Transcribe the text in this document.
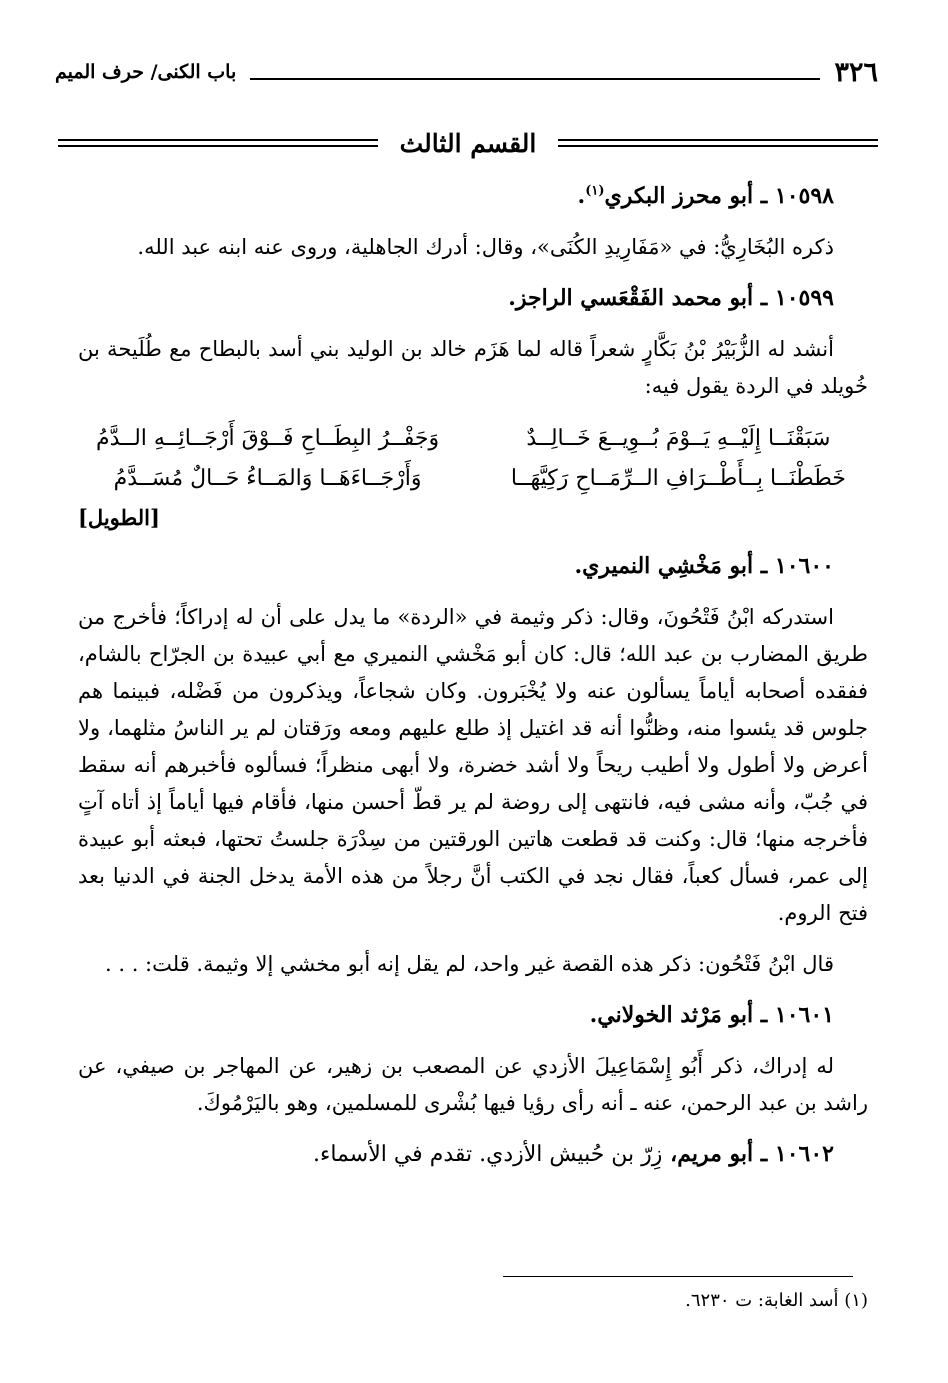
٣٢٦
باب الكنى/ حرف الميم
القسم الثالث
١٠٥٩٨ ـ أبو محرز البكري$^{(١)}$.

ذكره البُخَارِيُّ: في «مَفَارِيدِ الكُنَى»، وقال: أدرك الجاهلية، وروى عنه ابنه عبد الله.

١٠٥٩٩ ـ أبو محمد الفَقْعَسي الراجز.

أنشد له الزُّبَيْرُ بْنُ بَكَّارٍ شعراً قاله لما هَزَم خالد بن الوليد بني أسد بالبطاح مع طُلَيحة بن خُويلد في الردة يقول فيه:

سَبَقْنَــا إِلَيْــهِ يَــوْمَ بُــوِيــعَ خَــالِــدٌ
وَجَفْــرُ البِطَــاحِ فَــوْقَ أَرْجَــائِــهِ الــدَّمُ
خَطَطْنَــا بِــأَطْــرَافِ الــرِّمَــاحِ رَكِيَّهَــا
وَأَرْجَــاءَهَــا وَالمَــاءُ حَــالٌ مُسَــدَّمُ
[الطويل]
١٠٦٠٠ ـ أبو مَخْشِي النميري.

استدركه ابْنُ فَتْحُونَ، وقال: ذكر وثيمة في «الردة» ما يدل على أن له إدراكاً؛ فأخرج من طريق المضارب بن عبد الله؛ قال: كان أبو مَخْشي النميري مع أبي عبيدة بن الجرّاح بالشام، ففقده أصحابه أياماً يسألون عنه ولا يُخْبَرون. وكان شجاعاً، ويذكرون من فَضْله، فبينما هم جلوس قد يئسوا منه، وظنُّوا أنه قد اغتيل إذ طلع عليهم ومعه ورَقتان لم ير الناسُ مثلهما، ولا أعرض ولا أطول ولا أطيب ريحاً ولا أشد خضرة، ولا أبهى منظراً؛ فسألوه فأخبرهم أنه سقط في جُبّ، وأنه مشى فيه، فانتهى إلى روضة لم ير قطّ أحسن منها، فأقام فيها أياماً إذ أتاه آتٍ فأخرجه منها؛ قال: وكنت قد قطعت هاتين الورقتين من سِدْرَة جلستُ تحتها، فبعثه أبو عبيدة إلى عمر، فسأل كعباً، فقال نجد في الكتب أنَّ رجلاً من هذه الأمة يدخل الجنة في الدنيا بعد فتح الروم.

قال ابْنُ فَتْحُون: ذكر هذه القصة غير واحد، لم يقل إنه أبو مخشي إلا وثيمة. قلت: . . .

١٠٦٠١ ـ أبو مَرْثد الخولاني.

له إدراك، ذكر أَبُو إِسْمَاعِيلَ الأزدي عن المصعب بن زهير، عن المهاجر بن صيفي، عن راشد بن عبد الرحمن، عنه ـ أنه رأى رؤيا فيها بُشْرى للمسلمين، وهو باليَرْمُوكَ.

١٠٦٠٢ ـ أبو مريم، زِرّ بن حُبيش الأزدي. تقدم في الأسماء.
(١) أسد الغابة: ت ٦٢٣٠.
